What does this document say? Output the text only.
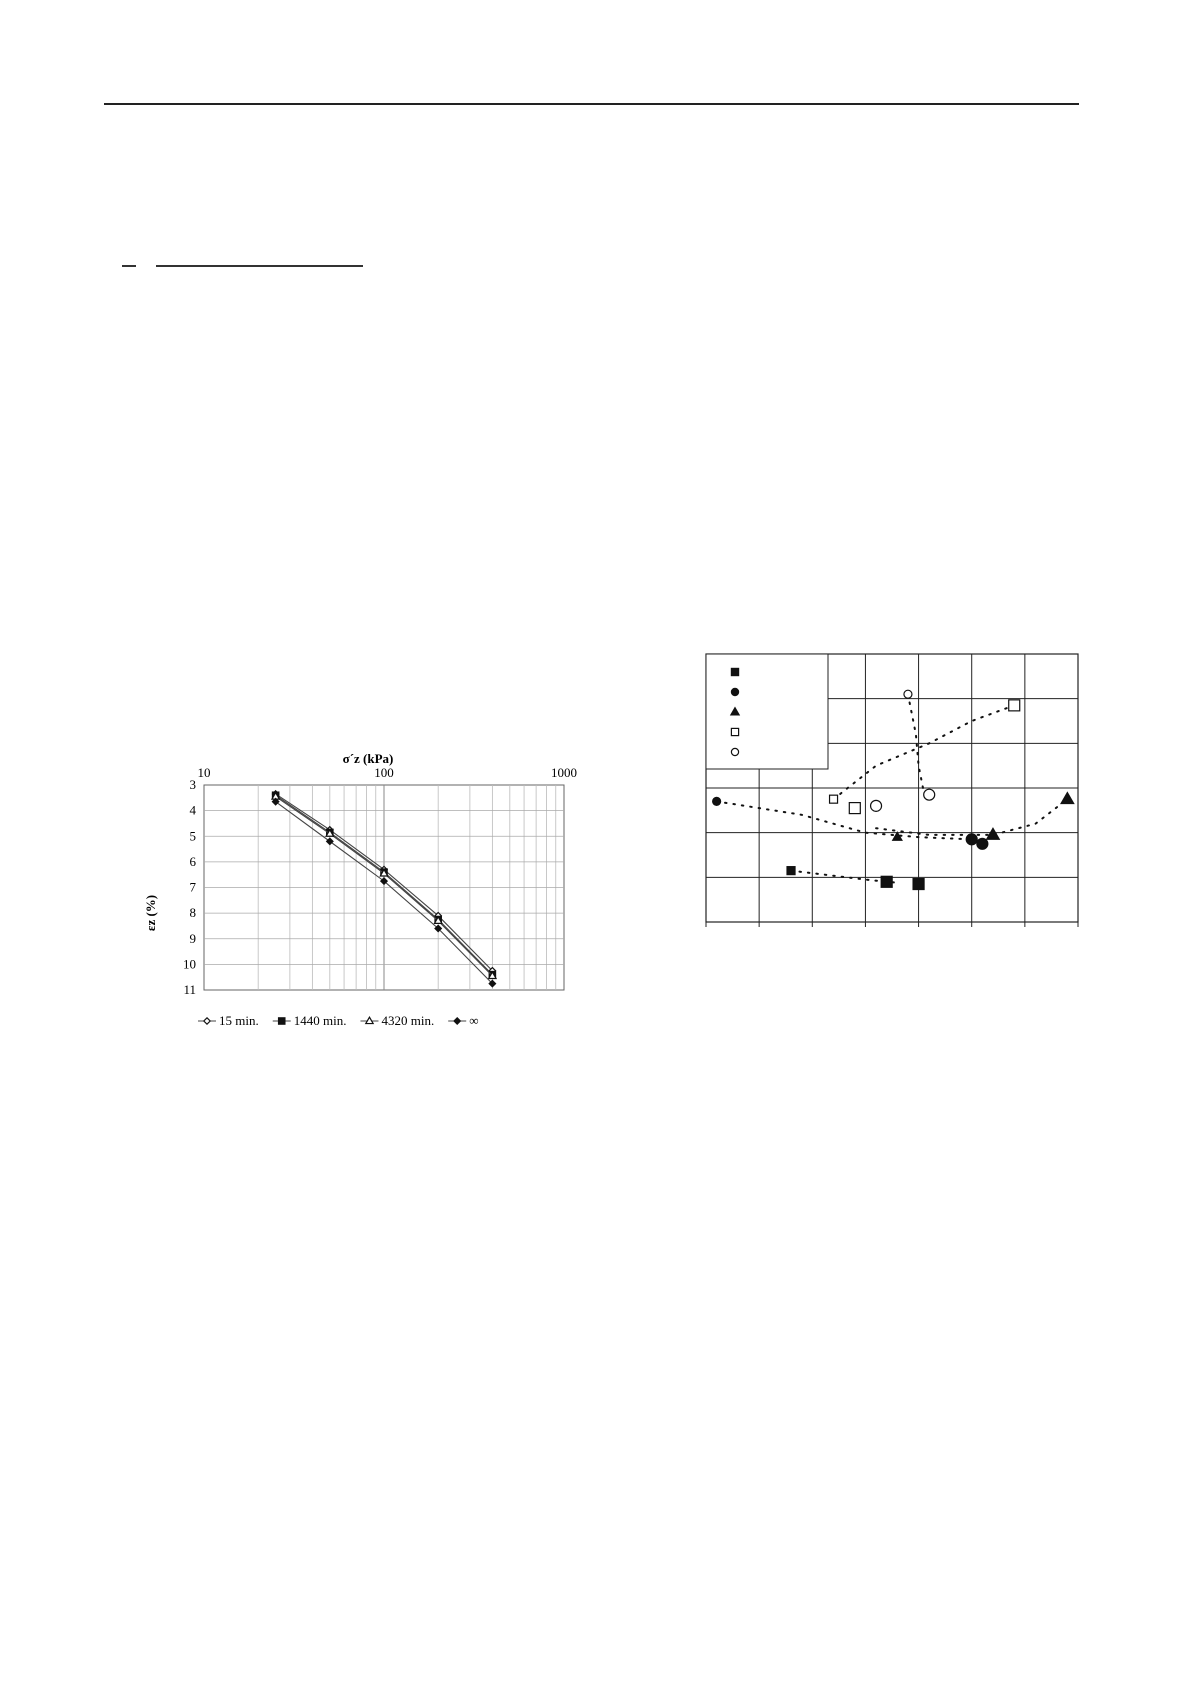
10	100	1000
3
4
5
6
7
8
9
10
11
σ´z (kPa)
εz (%)
15 min.	1440 min.	4320 min.	∞
